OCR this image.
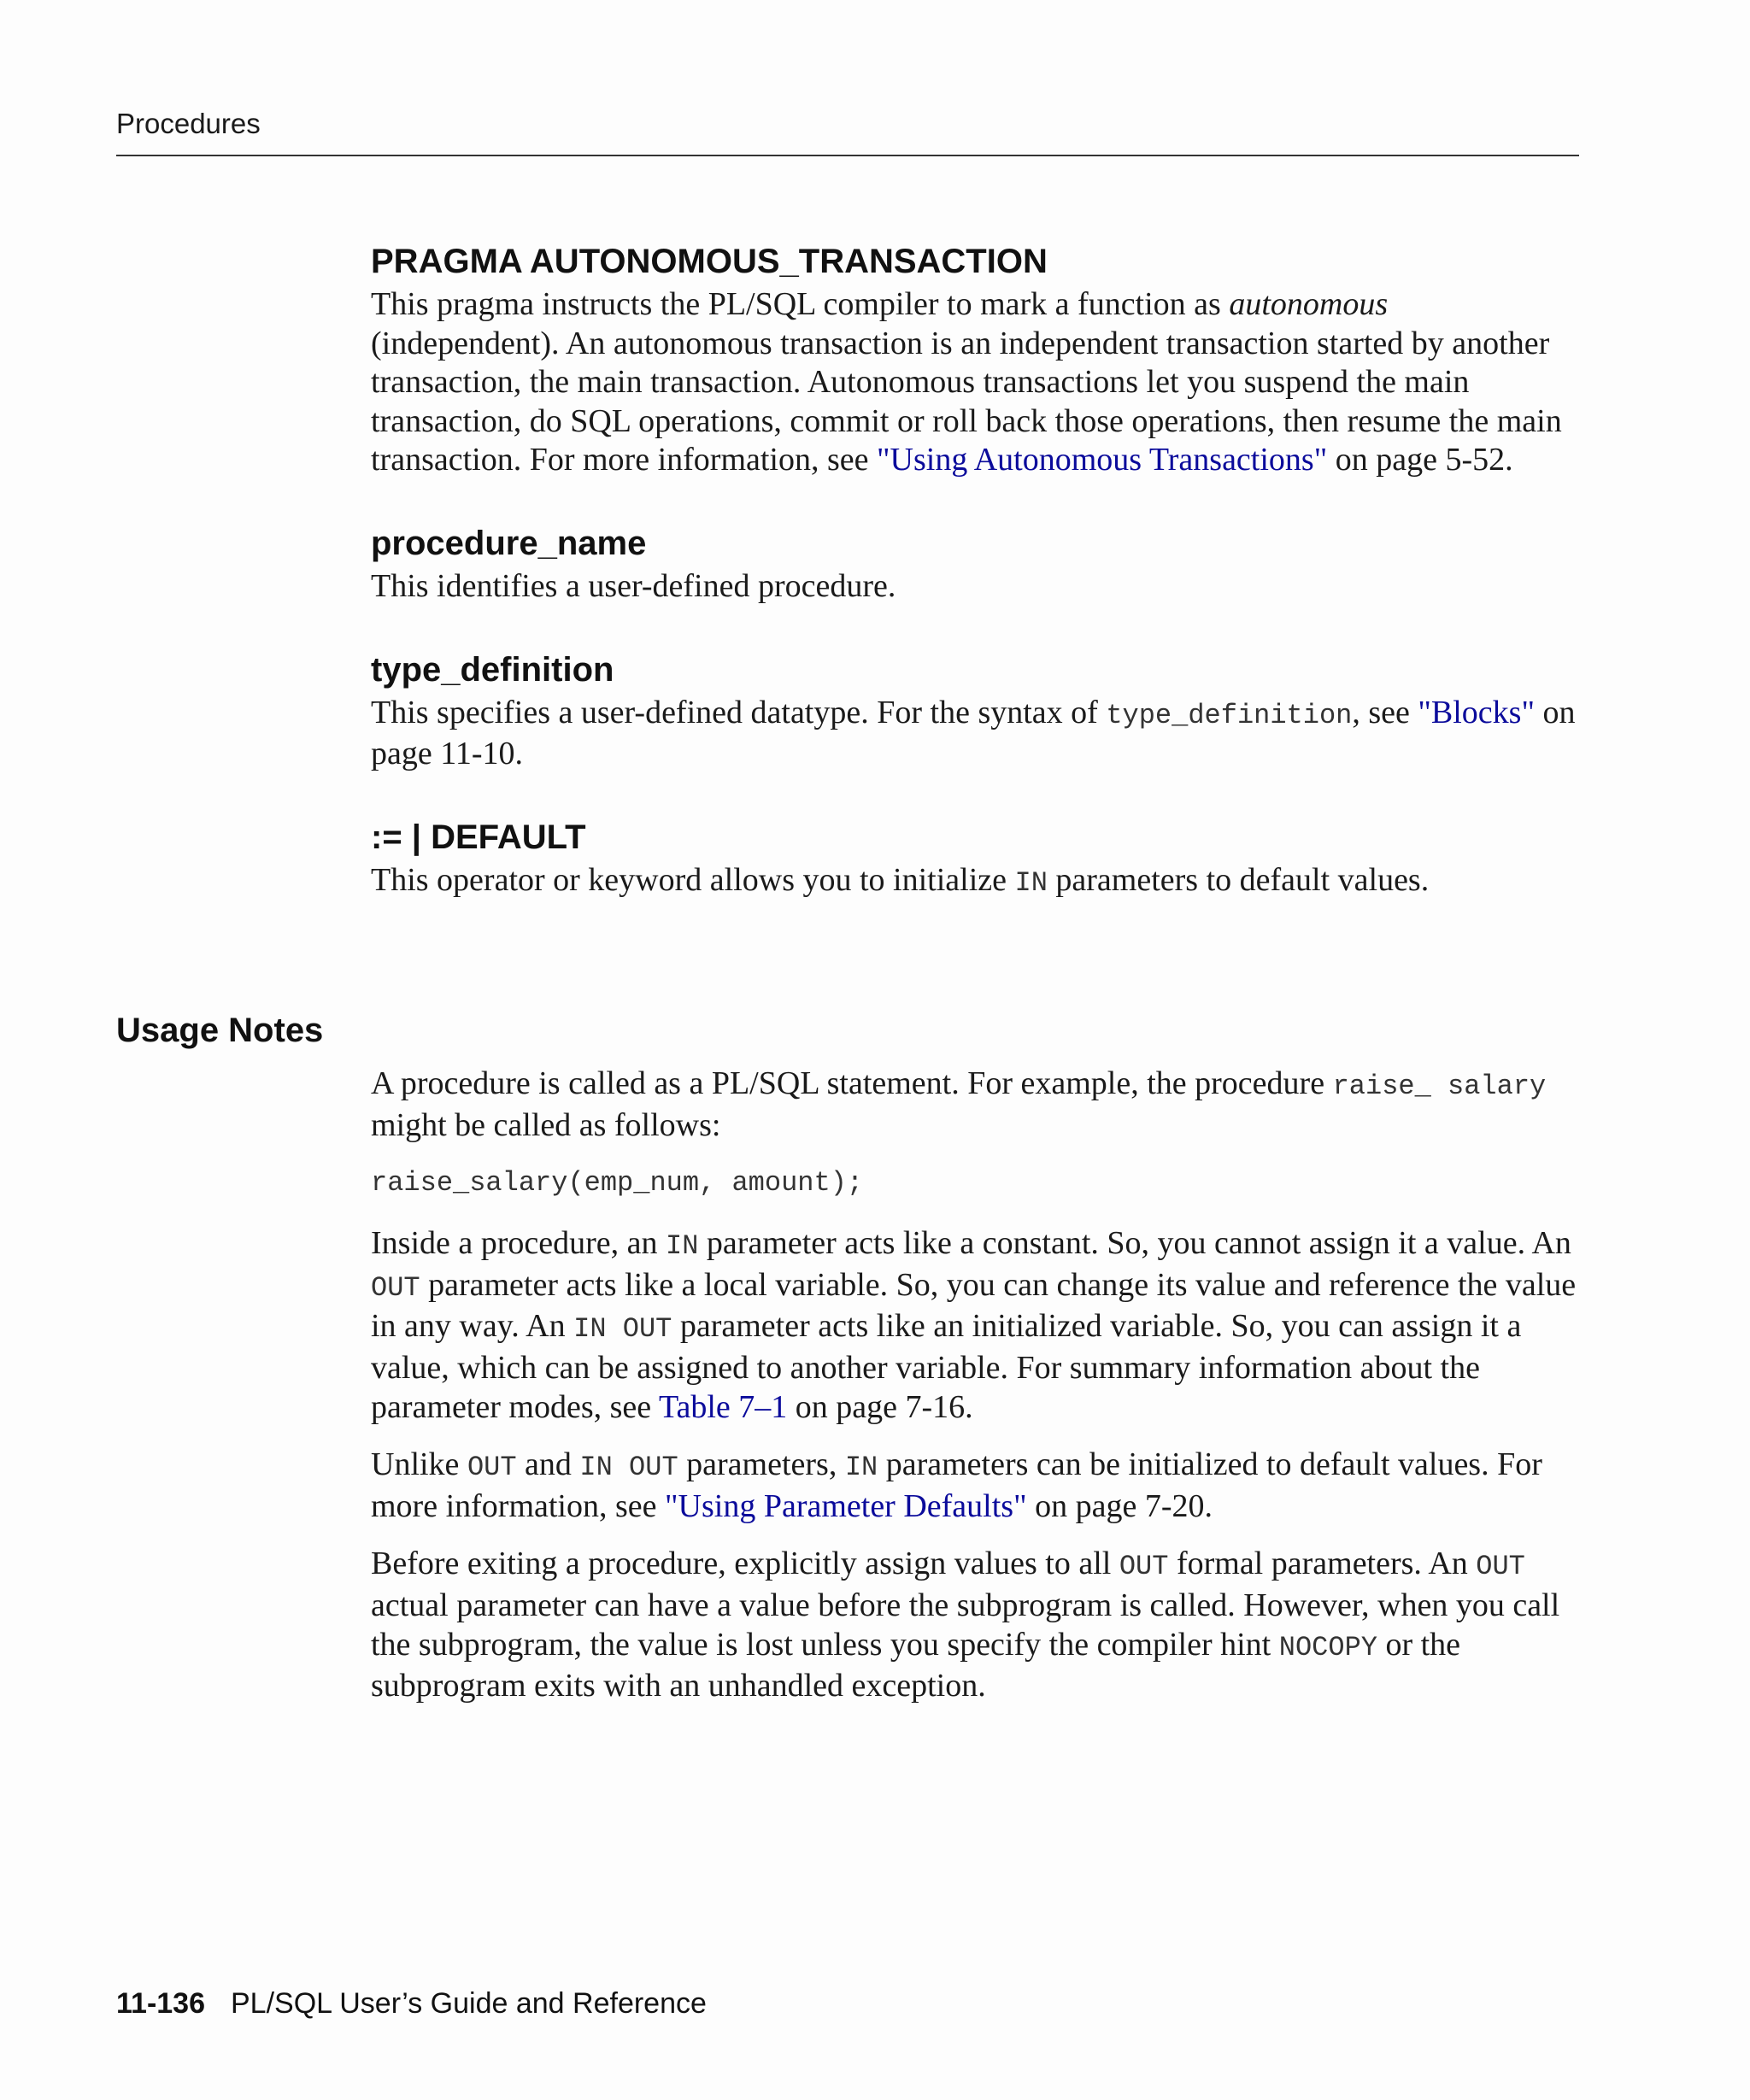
Procedures
PRAGMA AUTONOMOUS_TRANSACTION

This pragma instructs the PL/SQL compiler to mark a function as autonomous (independent). An autonomous transaction is an independent transaction started by another transaction, the main transaction. Autonomous transactions let you suspend the main transaction, do SQL operations, commit or roll back those operations, then resume the main transaction. For more information, see "Using Autonomous Transactions" on page 5-52.

procedure_name

This identifies a user-defined procedure.

type_definition

This specifies a user-defined datatype. For the syntax of type_definition, see "Blocks" on page 11-10.

:= | DEFAULT

This operator or keyword allows you to initialize IN parameters to default values.

Usage Notes

A procedure is called as a PL/SQL statement. For example, the procedure raise_ salary might be called as follows:

raise_salary(emp_num, amount);

Inside a procedure, an IN parameter acts like a constant. So, you cannot assign it a value. An OUT parameter acts like a local variable. So, you can change its value and reference the value in any way. An IN OUT parameter acts like an initialized variable. So, you can assign it a value, which can be assigned to another variable. For summary information about the parameter modes, see Table 7–1 on page 7-16.

Unlike OUT and IN OUT parameters, IN parameters can be initialized to default values. For more information, see "Using Parameter Defaults" on page 7-20.

Before exiting a procedure, explicitly assign values to all OUT formal parameters. An OUT actual parameter can have a value before the subprogram is called. However, when you call the subprogram, the value is lost unless you specify the compiler hint NOCOPY or the subprogram exits with an unhandled exception.

11-136 PL/SQL User’s Guide and Reference
